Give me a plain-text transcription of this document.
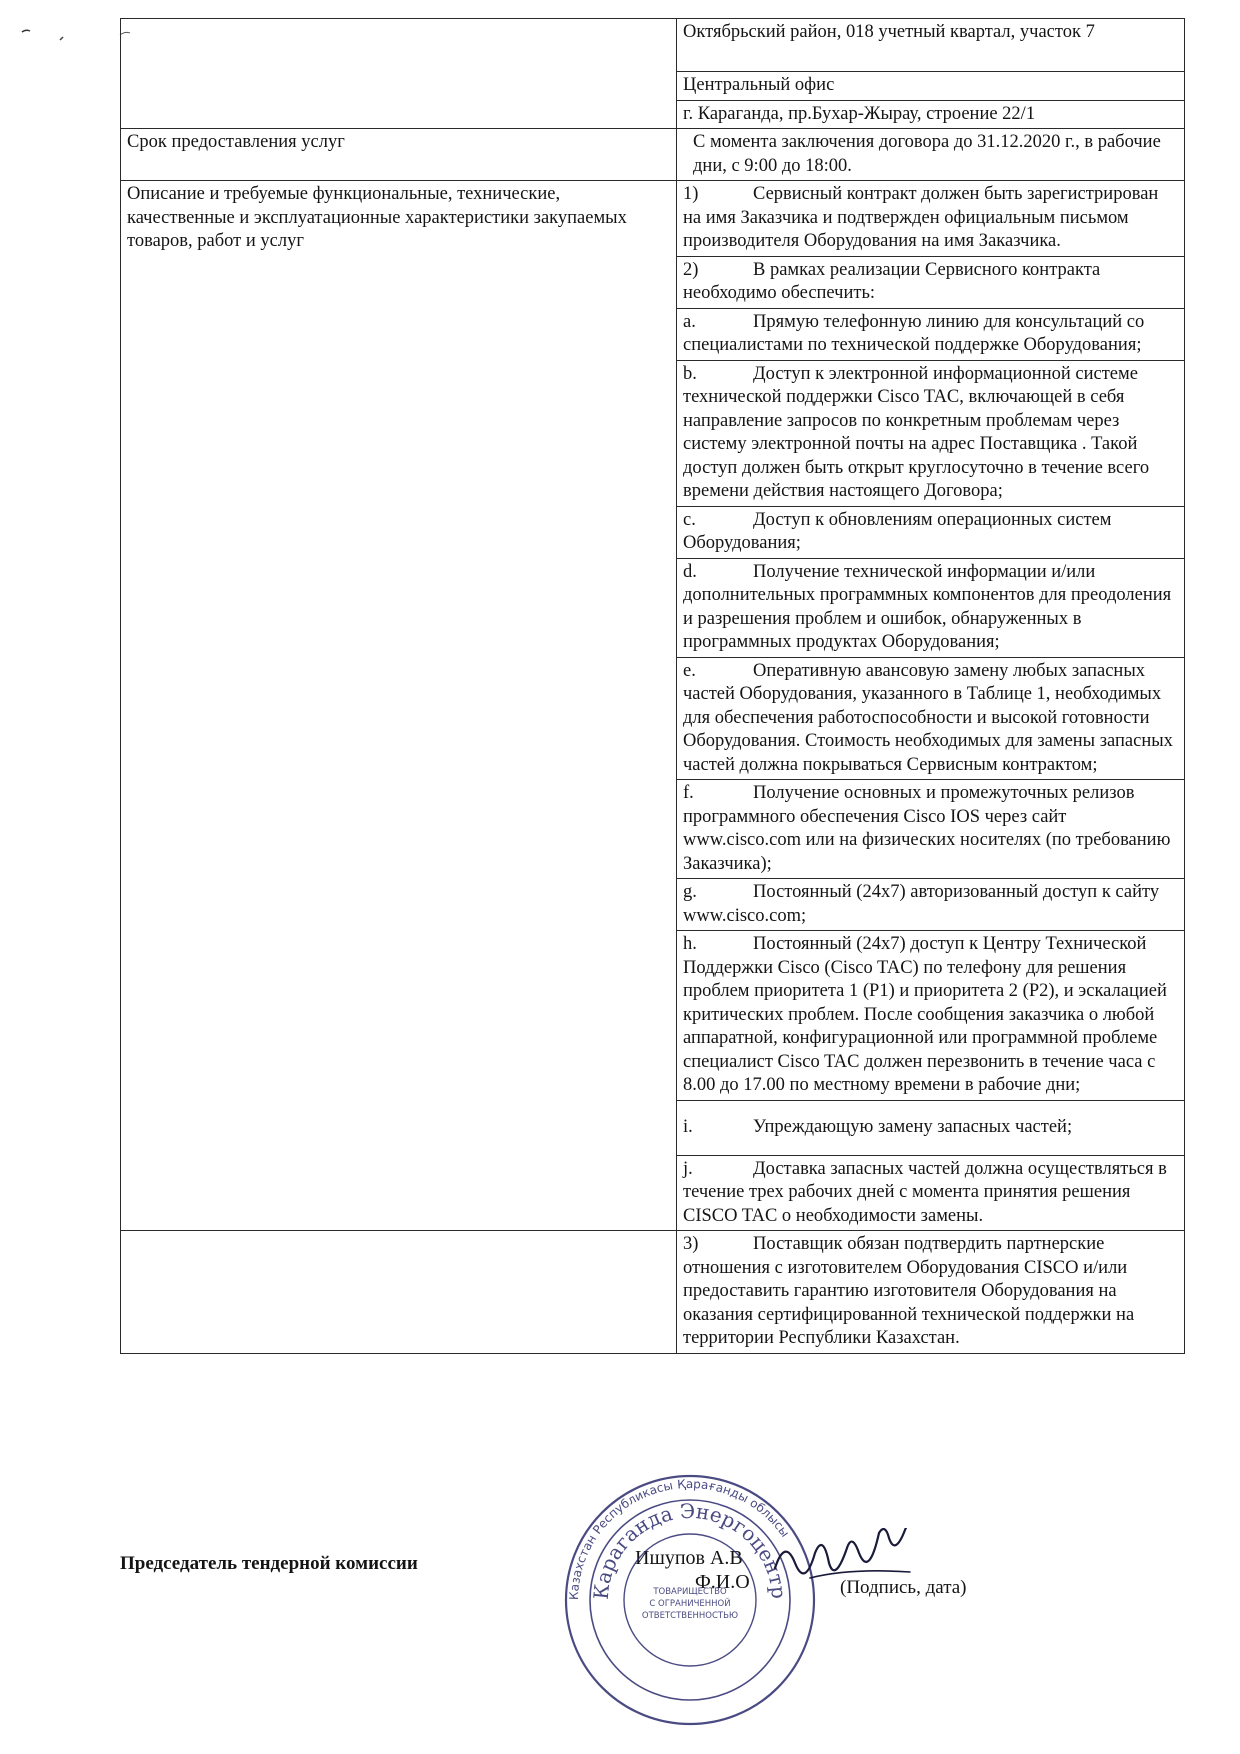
	Октябрьский район, 018 учетный квартал, участок 7
	Центральный офис
	г. Караганда, пр.Бухар-Жырау, строение 22/1
Срок предоставления услуг	С момента заключения договора до 31.12.2020 г., в рабочие дни, с 9:00 до 18:00.
Описание и требуемые функциональные, технические, качественные и эксплуатационные характеристики закупаемых товаров, работ и услуг	1) Сервисный контракт должен быть зарегистрирован на имя Заказчика и подтвержден официальным письмом производителя Оборудования на имя Заказчика.
	2) В рамках реализации Сервисного контракта необходимо обеспечить:
	a. Прямую телефонную линию для консультаций со специалистами по технической поддержке Оборудования;
	b. Доступ к электронной информационной системе технической поддержки Cisco TAC, включающей в себя направление запросов по конкретным проблемам через систему электронной почты на адрес Поставщика . Такой доступ должен быть открыт круглосуточно в течение всего времени действия настоящего Договора;
	c. Доступ к обновлениям операционных систем Оборудования;
	d. Получение технической информации и/или дополнительных программных компонентов для преодоления и разрешения проблем и ошибок, обнаруженных в программных продуктах Оборудования;
	e. Оперативную авансовую замену любых запасных частей Оборудования, указанного в Таблице 1, необходимых для обеспечения работоспособности и высокой готовности Оборудования. Стоимость необходимых для замены запасных частей должна покрываться Сервисным контрактом;
	f. Получение основных и промежуточных релизов программного обеспечения Cisco IOS через сайт www.cisco.com или на физических носителях (по требованию Заказчика);
	g. Постоянный (24x7) авторизованный доступ к сайту www.cisco.com;
	h. Постоянный (24x7) доступ к Центру Технической Поддержки Cisco (Cisco TAC) по телефону для решения проблем приоритета 1 (P1) и приоритета 2 (P2), и эскалацией критических проблем. После сообщения заказчика о любой аппаратной, конфигурационной или программной проблеме специалист Cisco TAC должен перезвонить в течение часа с 8.00 до 17.00 по местному времени в рабочие дни;
	i. Упреждающую замену запасных частей;
	j. Доставка запасных частей должна осуществляться в течение трех рабочих дней с момента принятия решения CISCO TAC о необходимости замены.
	3) Поставщик обязан подтвердить партнерские отношения с изготовителем Оборудования CISCO и/или предоставить гарантию изготовителя Оборудования на оказания сертифицированной технической поддержки на территории Республики Казахстан.
Председатель тендерной комиссии	Ишупов А.В
Ф.И.О	(Подпись, дата)
Казахстан Республикасы Қарағанды облысы
Караганда Энергоцентр
ТОВАРИЩЕСТВО
С ОГРАНИЧЕННОЙ
ОТВЕТСТВЕННОСТЬЮ
